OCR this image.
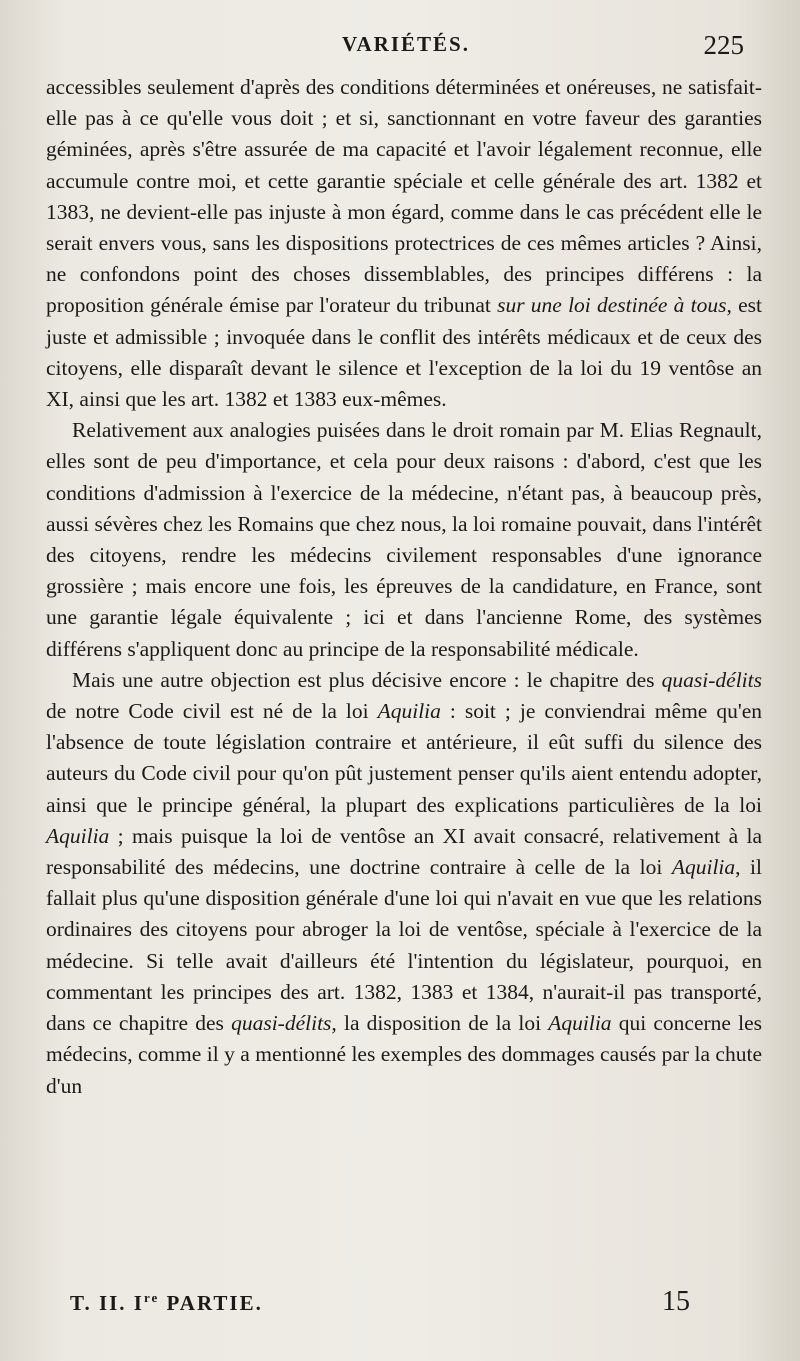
VARIÉTÉS.	225

accessibles seulement d'après des conditions déterminées et onéreuses, ne satisfait-elle pas à ce qu'elle vous doit ; et si, sanctionnant en votre faveur des garanties géminées, après s'être assurée de ma capacité et l'avoir légalement reconnue, elle accumule contre moi, et cette garantie spéciale et celle générale des art. 1382 et 1383, ne devient-elle pas injuste à mon égard, comme dans le cas précédent elle le serait envers vous, sans les dispositions protectrices de ces mêmes articles ? Ainsi, ne confondons point des choses dissemblables, des principes différens : la proposition générale émise par l'orateur du tribunat sur une loi destinée à tous, est juste et admissible ; invoquée dans le conflit des intérêts médicaux et de ceux des citoyens, elle disparaît devant le silence et l'exception de la loi du 19 ventôse an XI, ainsi que les art. 1382 et 1383 eux-mêmes.

Relativement aux analogies puisées dans le droit romain par M. Elias Regnault, elles sont de peu d'importance, et cela pour deux raisons : d'abord, c'est que les conditions d'admission à l'exercice de la médecine, n'étant pas, à beaucoup près, aussi sévères chez les Romains que chez nous, la loi romaine pouvait, dans l'intérêt des citoyens, rendre les médecins civilement responsables d'une ignorance grossière ; mais encore une fois, les épreuves de la candidature, en France, sont une garantie légale équivalente ; ici et dans l'ancienne Rome, des systèmes différens s'appliquent donc au principe de la responsabilité médicale.

Mais une autre objection est plus décisive encore : le chapitre des quasi-délits de notre Code civil est né de la loi Aquilia : soit ; je conviendrai même qu'en l'absence de toute législation contraire et antérieure, il eût suffi du silence des auteurs du Code civil pour qu'on pût justement penser qu'ils aient entendu adopter, ainsi que le principe général, la plupart des explications particulières de la loi Aquilia ; mais puisque la loi de ventôse an XI avait consacré, relativement à la responsabilité des médecins, une doctrine contraire à celle de la loi Aquilia, il fallait plus qu'une disposition générale d'une loi qui n'avait en vue que les relations ordinaires des citoyens pour abroger la loi de ventôse, spéciale à l'exercice de la médecine. Si telle avait d'ailleurs été l'intention du législateur, pourquoi, en commentant les principes des art. 1382, 1383 et 1384, n'aurait-il pas transporté, dans ce chapitre des quasi-délits, la disposition de la loi Aquilia qui concerne les médecins, comme il y a mentionné les exemples des dommages causés par la chute d'un

T. II. Ire PARTIE.	15
